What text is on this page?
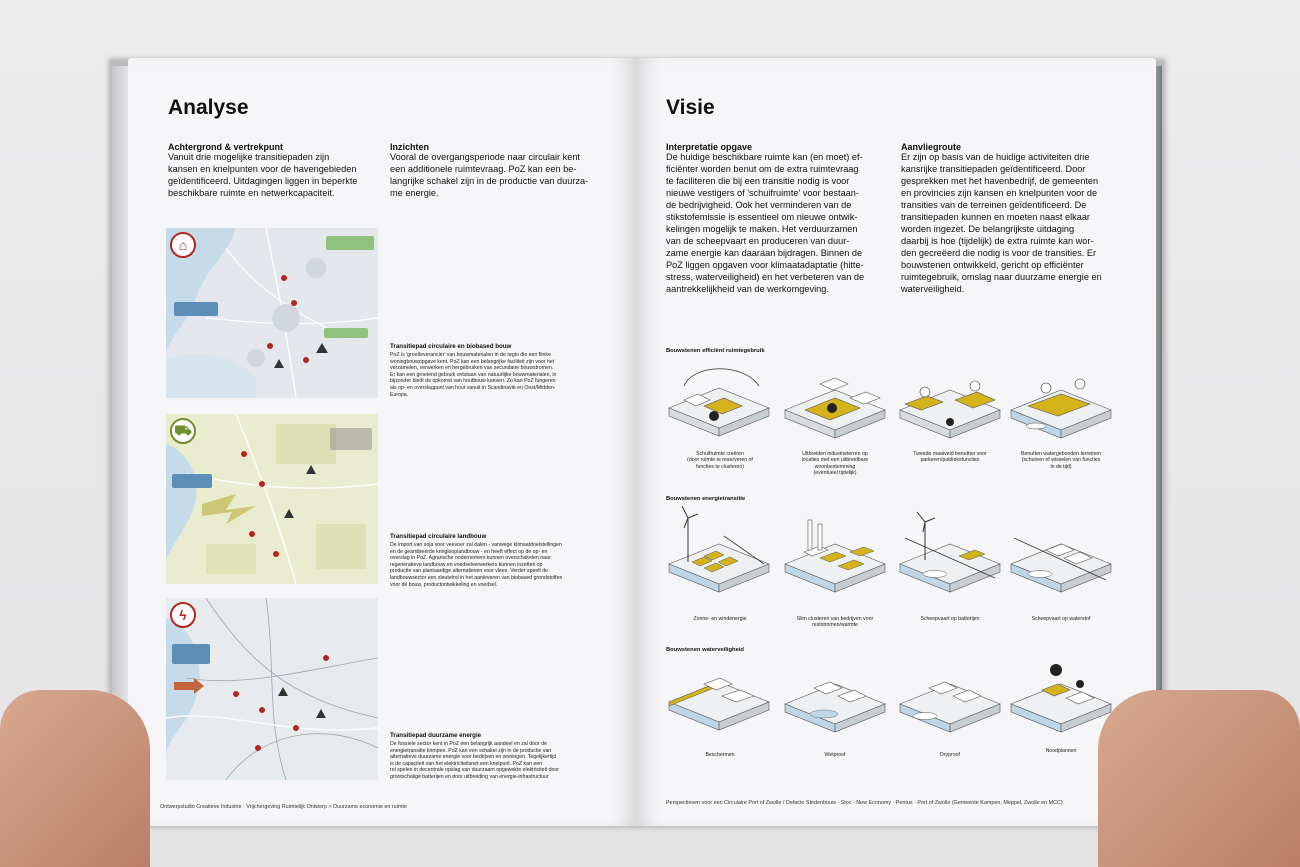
Analyse
Achtergrond & vertrekpunt
Vanuit drie mogelijke transitiepaden zijn
kansen en knelpunten voor de havengebieden
geïdentificeerd. Uitdagingen liggen in beperkte
beschikbare ruimte en netwerkcapaciteit.
Inzichten
Vooral de overgangsperiode naar circulair kent
een additionele ruimtevraag. PoZ kan een be-
langrijke schakel zijn in de productie van duurza-
me energie.
⌂
⛟
ϟ
Transitiepad circulaire en biobased bouw
PoZ is 'grootleverancier' van bouwmaterialen in de regio die een flinke
woningbouwopgave kent. PoZ kan een belangrijke faciliteit zijn voor het
verzamelen, verwerken en hergebruiken van secundaire bouwstromen.
Er kan een groeiend gebruik ontstaan van natuurlijke bouwmaterialen, in
bijzonder biedt de opkomst van houtbouw kansen. Zo kan PoZ fungeren
als op- en overslagpunt van hout vanuit in Scandinavië en Oost/Midden-
Europa.
Transitiepad circulaire landbouw
De import van soja voor veevoer zal dalen - vanwege klimaatdoelstellingen
en de geambieerde kringlooplandbouw - en heeft effect op de op- en
overslag in PoZ. Agrarische ondernemers kunnen overschakelen naar
regeneratieve landbouw en voedselverwerkers kunnen inzetten op
productie van plantaardige alternatieven voor vlees. Verder speelt de
landbouwsector een sleutelrol in het aanleveren van biobased grondstoffen
voor de bouw, productontwikkeling en voedsel.
Transitiepad duurzame energie
De fossiele sector kent in PoZ een belangrijk aandeel en zal door de
energietransitie krimpen. PoZ kan een schakel zijn in de productie van
alternatieve duurzame energie voor bedrijven en woningen. Tegelijkertijd
is de capaciteit van het elektriciteitsnet een knelpunt. PoZ kan een
rol spelen in decentrale opslag van duurzaam opgewekte elektriciteit door
grootschalige batterijen en door uitbreiding van energie-infrastructuur
Ontwerpstudio Creatieve Industrie · Vrijchergeving Ruimtelijk Ontwerp > Duurzame economie en ruimte
Visie
Interpretatie opgave
De huidige beschikbare ruimte kan (en moet) ef-
ficiënter worden benut om de extra ruimtevraag
te faciliteren die bij een transitie nodig is voor
nieuwe vestigers of 'schuifruimte' voor bestaan-
de bedrijvigheid. Ook het verminderen van de
stikstofemissie is essentieel om nieuwe ontwik-
kelingen mogelijk te maken. Het verduurzamen
van de scheepvaart en produceren van duur-
zame energie kan daaraan bijdragen. Binnen de
PoZ liggen opgaven voor klimaatadaptatie (hitte-
stress, waterveiligheid) en het verbeteren van de
aantrekkelijkheid van de werkomgeving.
Aanvliegroute
Er zijn op basis van de huidige activiteiten drie
kansrijke transitiepaden geïdentificeerd. Door
gesprekken met het havenbedrijf, de gemeenten
en provincies zijn kansen en knelpunten voor de
transities van de terreinen geïdentificeerd. De
transitiepaden kunnen en moeten naast elkaar
worden ingezet. De belangrijkste uitdaging
daarbij is hoe (tijdelijk) de extra ruimte kan wor-
den gecreëerd die nodig is voor de transities. Er
bouwstenen ontwikkeld, gericht op efficiënter
ruimtegebruik, omslag naar duurzame energie en
waterveiligheid.
Bouwstenen efficiënt ruimtegebruik
Bouwstenen energietransitie
Bouwstenen waterveiligheid
Schuifruimte creëren
(door ruimte te reserveren of
functies te clusteren)
Uitbreiden industrieterren op
locaties met een uitbreidbare
woonbestemming
(eventueel tijdelijk)
Tweede maaiveld benutten voor
parkeren/publieksfuncties
Benutten watergebonden terreinen
(schuiven of wisselen van functies
in de tijd)
Zonne- en windenergie	Slim clusteren van bedrijven voor
reststromen/warmte
Scheepvaart op batterijen	Scheepvaart op waterstof
Beschermen	Wetproof	Dryproof
Noodplannen
Perspectieven voor een Circulaire Port of Zwolle / Defacto Stedenbouw · Stoc · New Economy · Pentus · Port of Zwolle (Gemeente Kampen, Meppel, Zwolle en MCC)
